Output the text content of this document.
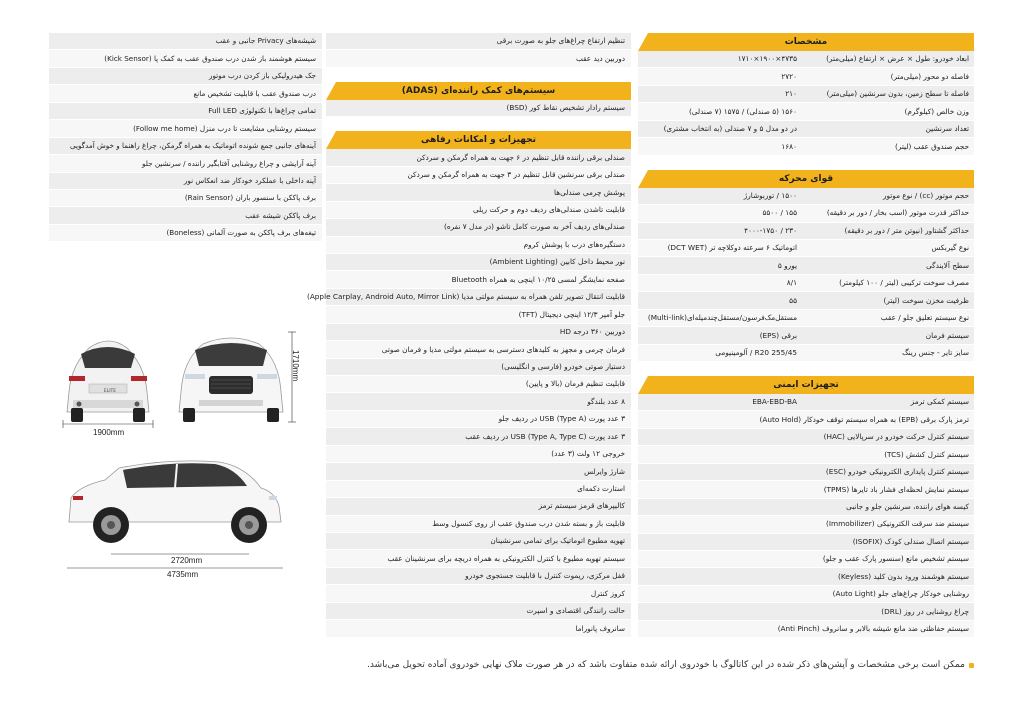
مشخصات
ابعاد خودرو: طول × عرض × ارتفاع (میلی‌متر)
۴۷۳۵×۱۹۰۰×۱۷۱۰
فاصله دو محور (میلی‌متر)
۲۷۲۰
فاصله تا سطح زمین، بدون سرنشین (میلی‌متر)
۲۱۰
وزن خالص (کیلوگرم)
۱۵۶۰ (۵ صندلی) / ۱۵۷۵ (۷ صندلی)
تعداد سرنشین
در دو مدل ۵ و ۷ صندلی (به انتخاب مشتری)
حجم صندوق عقب (لیتر)
۱۶۸۰
قوای محرکه
حجم موتور (cc) / نوع موتور
۱۵۰۰ / توربوشارژ
حداکثر قدرت موتور (اسب بخار / دور بر دقیقه)
۱۵۵ / ۵۵۰۰
حداکثر گشتاور (نیوتن متر / دور بر دقیقه)
۲۳۰ / ۴۰۰۰-۱۷۵۰
نوع گیربکس
اتوماتیک ۶ سرعته دوکلاچه تر (DCT WET)
سطح آلایندگی
یورو ۵
مصرف سوخت ترکیبی (لیتر / ۱۰۰ کیلومتر)
۸/۱
ظرفیت مخزن سوخت (لیتر)
۵۵
نوع سیستم تعلیق جلو / عقب
مستقل‌مک‌فرسون/مستقل‌چندمیله‌ای(Multi-link)
سیستم فرمان
برقی (EPS)
سایز تایر - جنس رینگ
255/45 R20 / آلومینیومی
تجهیزات ایمنی
سیستم کمکی ترمز
EBA-EBD-BA
ترمز پارک برقی (EPB) به همراه سیستم توقف خودکار (Auto Hold)
سیستم کنترل حرکت خودرو در سرپالایی (HAC)
سیستم کنترل کشش (TCS)
سیستم کنترل پایداری الکترونیکی خودرو (ESC)
سیستم نمایش لحظه‌ای فشار باد تایرها (TPMS)
کیسه هوای راننده، سرنشین جلو و جانبی
سیستم ضد سرقت الکترونیکی (Immobilizer)
سیستم اتصال صندلی کودک (ISOFIX)
سیستم تشخیص مانع (سنسور پارک عقب و جلو)
سیستم هوشمند ورود بدون کلید (Keyless)
روشنایی خودکار چراغ‌های جلو (Auto Light)
چراغ روشنایی در روز (DRL)
سیستم حفاظتی ضد مانع شیشه بالابر و سانروف (Anti Pinch)
تنظیم ارتفاع چراغ‌های جلو به صورت برقی
دوربین دید عقب
سیستم‌های کمک راننده‌ای (ADAS)
سیستم رادار تشخیص نقاط کور (BSD)
تجهیزات و امکانات رفاهی
صندلی برقی راننده قابل تنظیم در ۶ جهت به همراه گرمکن و سردکن
صندلی برقی سرنشین قابل تنظیم در ۳ جهت به همراه گرمکن و سردکن
پوشش چرمی صندلی‌ها
قابلیت تاشدن صندلی‌های ردیف دوم و حرکت ریلی
صندلی‌های ردیف آخر به صورت کامل تاشو (در مدل ۷ نفره)
دستگیره‌های درب با پوشش کروم
نور محیط داخل کابین (Ambient Lighting)
صفحه نمایشگر لمسی ۱۰/۲۵ اینچی به همراه Bluetooth
قابلیت انتقال تصویر تلفن همراه به سیستم مولتی مدیا (Apple Carplay, Android Auto, Mirror Link)
جلو آمپر ۱۲/۳ اینچی دیجیتال (TFT)
دوربین ۳۶۰ درجه HD
فرمان چرمی و مجهز به کلیدهای دسترسی به سیستم مولتی مدیا و فرمان صوتی
دستیار صوتی خودرو (فارسی و انگلیسی)
قابلیت تنظیم فرمان (بالا و پایین)
۸ عدد بلندگو
۳ عدد پورت USB (Type A) در ردیف جلو
۳ عدد پورت USB (Type A, Type C) در ردیف عقب
خروجی ۱۲ ولت (۳ عدد)
شارژ وایرلس
استارت دکمه‌ای
کالیپرهای قرمز سیستم ترمز
قابلیت باز و بسته شدن درب صندوق عقب از روی کنسول وسط
تهویه مطبوع اتوماتیک برای تمامی سرنشینان
سیستم تهویه مطبوع با کنترل الکترونیکی به همراه دریچه برای سرنشینان عقب
قفل مرکزی، ریموت کنترل با قابلیت جستجوی خودرو
کروز کنترل
حالت رانندگی اقتصادی و اسپرت
سانروف پانوراما
شیشه‌های Privacy جانبی و عقب
سیستم هوشمند باز شدن درب صندوق عقب به کمک پا (Kick Sensor)
جک هیدرولیکی باز کردن درب موتور
درب صندوق عقب با قابلیت تشخیص مانع
تمامی چراغ‌ها با تکنولوژی Full LED
سیستم روشنایی مشایعت تا درب منزل (Follow me home)
آینه‌های جانبی جمع شونده اتوماتیک به همراه گرمکن، چراغ راهنما و خوش آمدگویی
آینه آرایشی و چراغ روشنایی آفتابگیر راننده / سرنشین جلو
آینه داخلی با عملکرد خودکار ضد انعکاس نور
برف پاککن با سنسور باران (Rain Sensor)
برف پاککن شیشه عقب
تیغه‌های برف پاککن به صورت آلمانی (Boneless)
ELITE
1710mm
1900mm
2720mm
4735mm
ممکن است برخی مشخصات و آپشن‌های ذکر شده در این کاتالوگ با خودروی ارائه شده متفاوت باشد که در هر صورت ملاک نهایی خودروی آماده تحویل می‌باشد.
